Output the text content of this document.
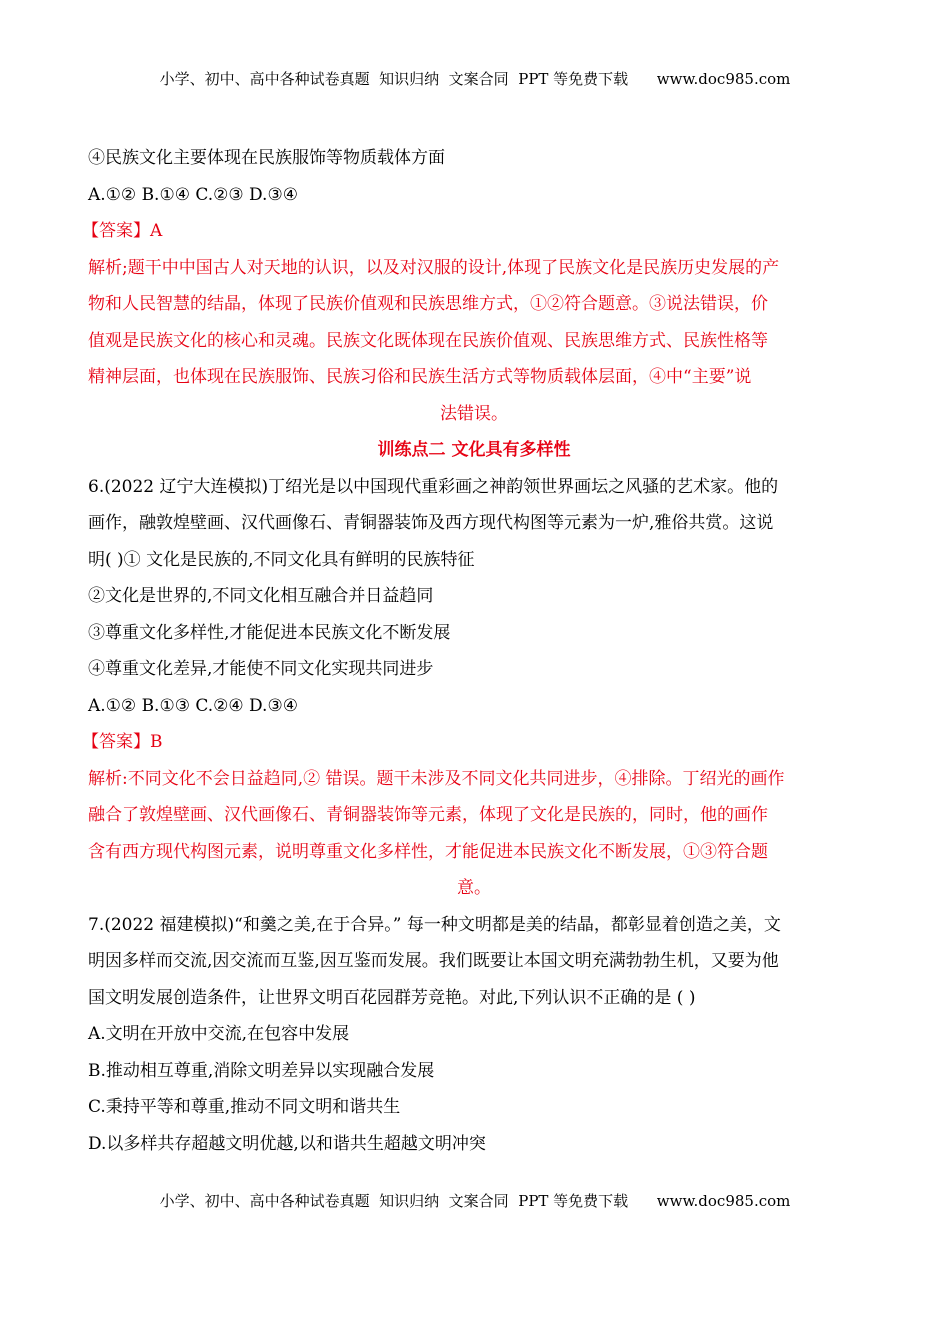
小学、初中、高中各种试卷真题  知识归纳  文案合同  PPT 等免费下载      www.doc985.com
④民族文化主要体现在民族服饰等物质载体方面
A.①② B.①④ C.②③ D.③④
【答案】A
解析;题干中中国古人对天地的认识，以及对汉服的设计,体现了民族文化是民族历史发展的产
物和人民智慧的结晶，体现了民族价值观和民族思维方式，①②符合题意。③说法错误，价
值观是民族文化的核心和灵魂。民族文化既体现在民族价值观、民族思维方式、民族性格等
精神层面，也体现在民族服饰、民族习俗和民族生活方式等物质载体层面，④中“主要”说
法错误。
训练点二 文化具有多样性
6.(2022 辽宁大连模拟)丁绍光是以中国现代重彩画之神韵领世界画坛之风骚的艺术家。他的
画作，融敦煌壁画、汉代画像石、青铜器装饰及西方现代构图等元素为一炉,雅俗共赏。这说
明( )① 文化是民族的,不同文化具有鲜明的民族特征
②文化是世界的,不同文化相互融合并日益趋同
③尊重文化多样性,才能促进本民族文化不断发展
④尊重文化差异,才能使不同文化实现共同进步
A.①② B.①③ C.②④ D.③④
【答案】B
解析:不同文化不会日益趋同,② 错误。题干未涉及不同文化共同进步，④排除。丁绍光的画作
融合了敦煌壁画、汉代画像石、青铜器装饰等元素，体现了文化是民族的，同时，他的画作
含有西方现代构图元素，说明尊重文化多样性，才能促进本民族文化不断发展，①③符合题
意。
7.(2022 福建模拟)“和羹之美,在于合异。” 每一种文明都是美的结晶，都彰显着创造之美，文
明因多样而交流,因交流而互鉴,因互鉴而发展。我们既要让本国文明充满勃勃生机，又要为他
国文明发展创造条件，让世界文明百花园群芳竞艳。对此,下列认识不正确的是 ( )
A.文明在开放中交流,在包容中发展
B.推动相互尊重,消除文明差异以实现融合发展
C.秉持平等和尊重,推动不同文明和谐共生
D.以多样共存超越文明优越,以和谐共生超越文明冲突
小学、初中、高中各种试卷真题  知识归纳  文案合同  PPT 等免费下载      www.doc985.com
